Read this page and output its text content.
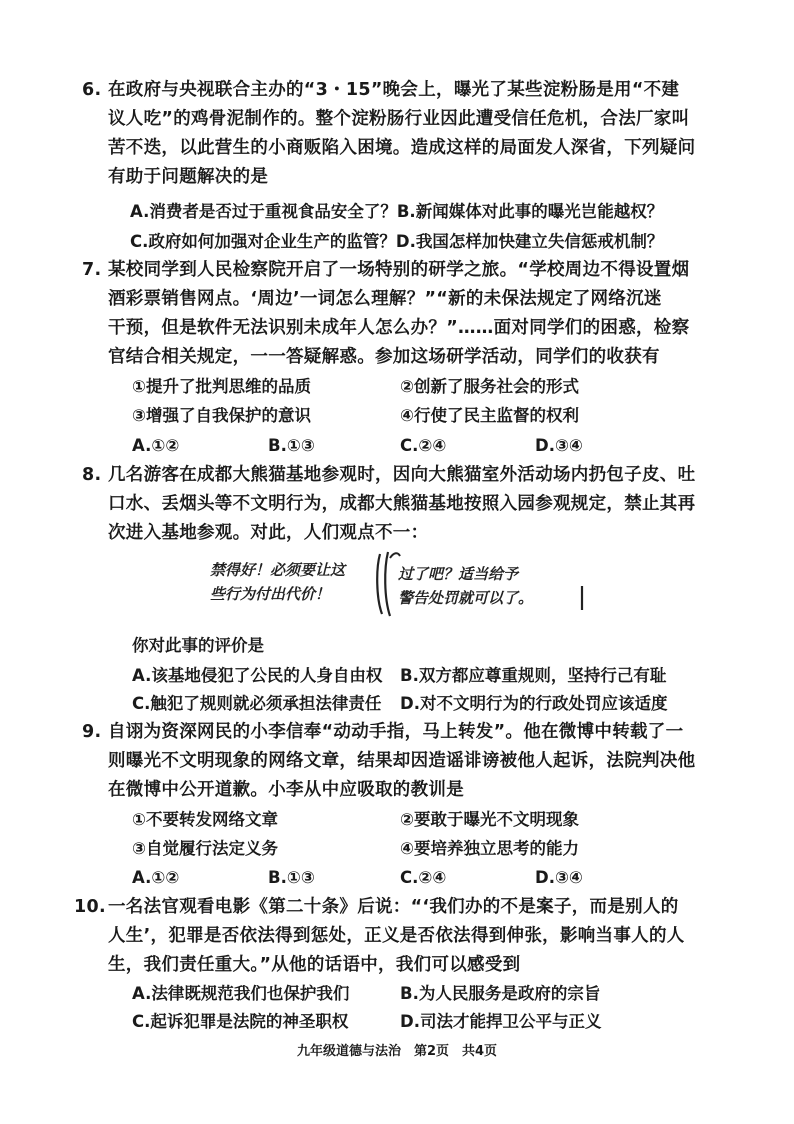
6. 在政府与央视联合主办的“3・15”晚会上，曝光了某些淀粉肠是用“不建
议人吃”的鸡骨泥制作的。整个淀粉肠行业因此遭受信任危机，合法厂家叫
苦不迭，以此营生的小商贩陷入困境。造成这样的局面发人深省，下列疑问
有助于问题解决的是
A.消费者是否过于重视食品安全了？B.新闻媒体对此事的曝光岂能越权？
C.政府如何加强对企业生产的监管？D.我国怎样加快建立失信惩戒机制？
7. 某校同学到人民检察院开启了一场特别的研学之旅。“学校周边不得设置烟
酒彩票销售网点。‘周边’一词怎么理解？”“新的未保法规定了网络沉迷
干预，但是软件无法识别未成年人怎么办？”……面对同学们的困惑，检察
官结合相关规定，一一答疑解惑。参加这场研学活动，同学们的收获有
①提升了批判思维的品质	②创新了服务社会的形式
③增强了自我保护的意识	④行使了民主监督的权利
A.①②	B.①③	C.②④	D.③④
8. 几名游客在成都大熊猫基地参观时，因向大熊猫室外活动场内扔包子皮、吐
口水、丢烟头等不文明行为，成都大熊猫基地按照入园参观规定，禁止其再
次进入基地参观。对此，人们观点不一：
禁得好！必须要让这
些行为付出代价！
过了吧？适当给予
警告处罚就可以了。
你对此事的评价是
A.该基地侵犯了公民的人身自由权 B.双方都应尊重规则，坚持行己有耻
C.触犯了规则就必须承担法律责任 D.对不文明行为的行政处罚应该适度
9. 自诩为资深网民的小李信奉“动动手指，马上转发”。他在微博中转载了一
则曝光不文明现象的网络文章，结果却因造谣诽谤被他人起诉，法院判决他
在微博中公开道歉。小李从中应吸取的教训是
①不要转发网络文章	②要敢于曝光不文明现象
③自觉履行法定义务	④要培养独立思考的能力
A.①②	B.①③	C.②④	D.③④
10. 一名法官观看电影《第二十条》后说：“‘我们办的不是案子，而是别人的
人生’，犯罪是否依法得到惩处，正义是否依法得到伸张，影响当事人的人
生，我们责任重大。”从他的话语中，我们可以感受到
A.法律既规范我们也保护我们	B.为人民服务是政府的宗旨
C.起诉犯罪是法院的神圣职权	D.司法才能捍卫公平与正义
九年级道德与法治　第2页　共4页
